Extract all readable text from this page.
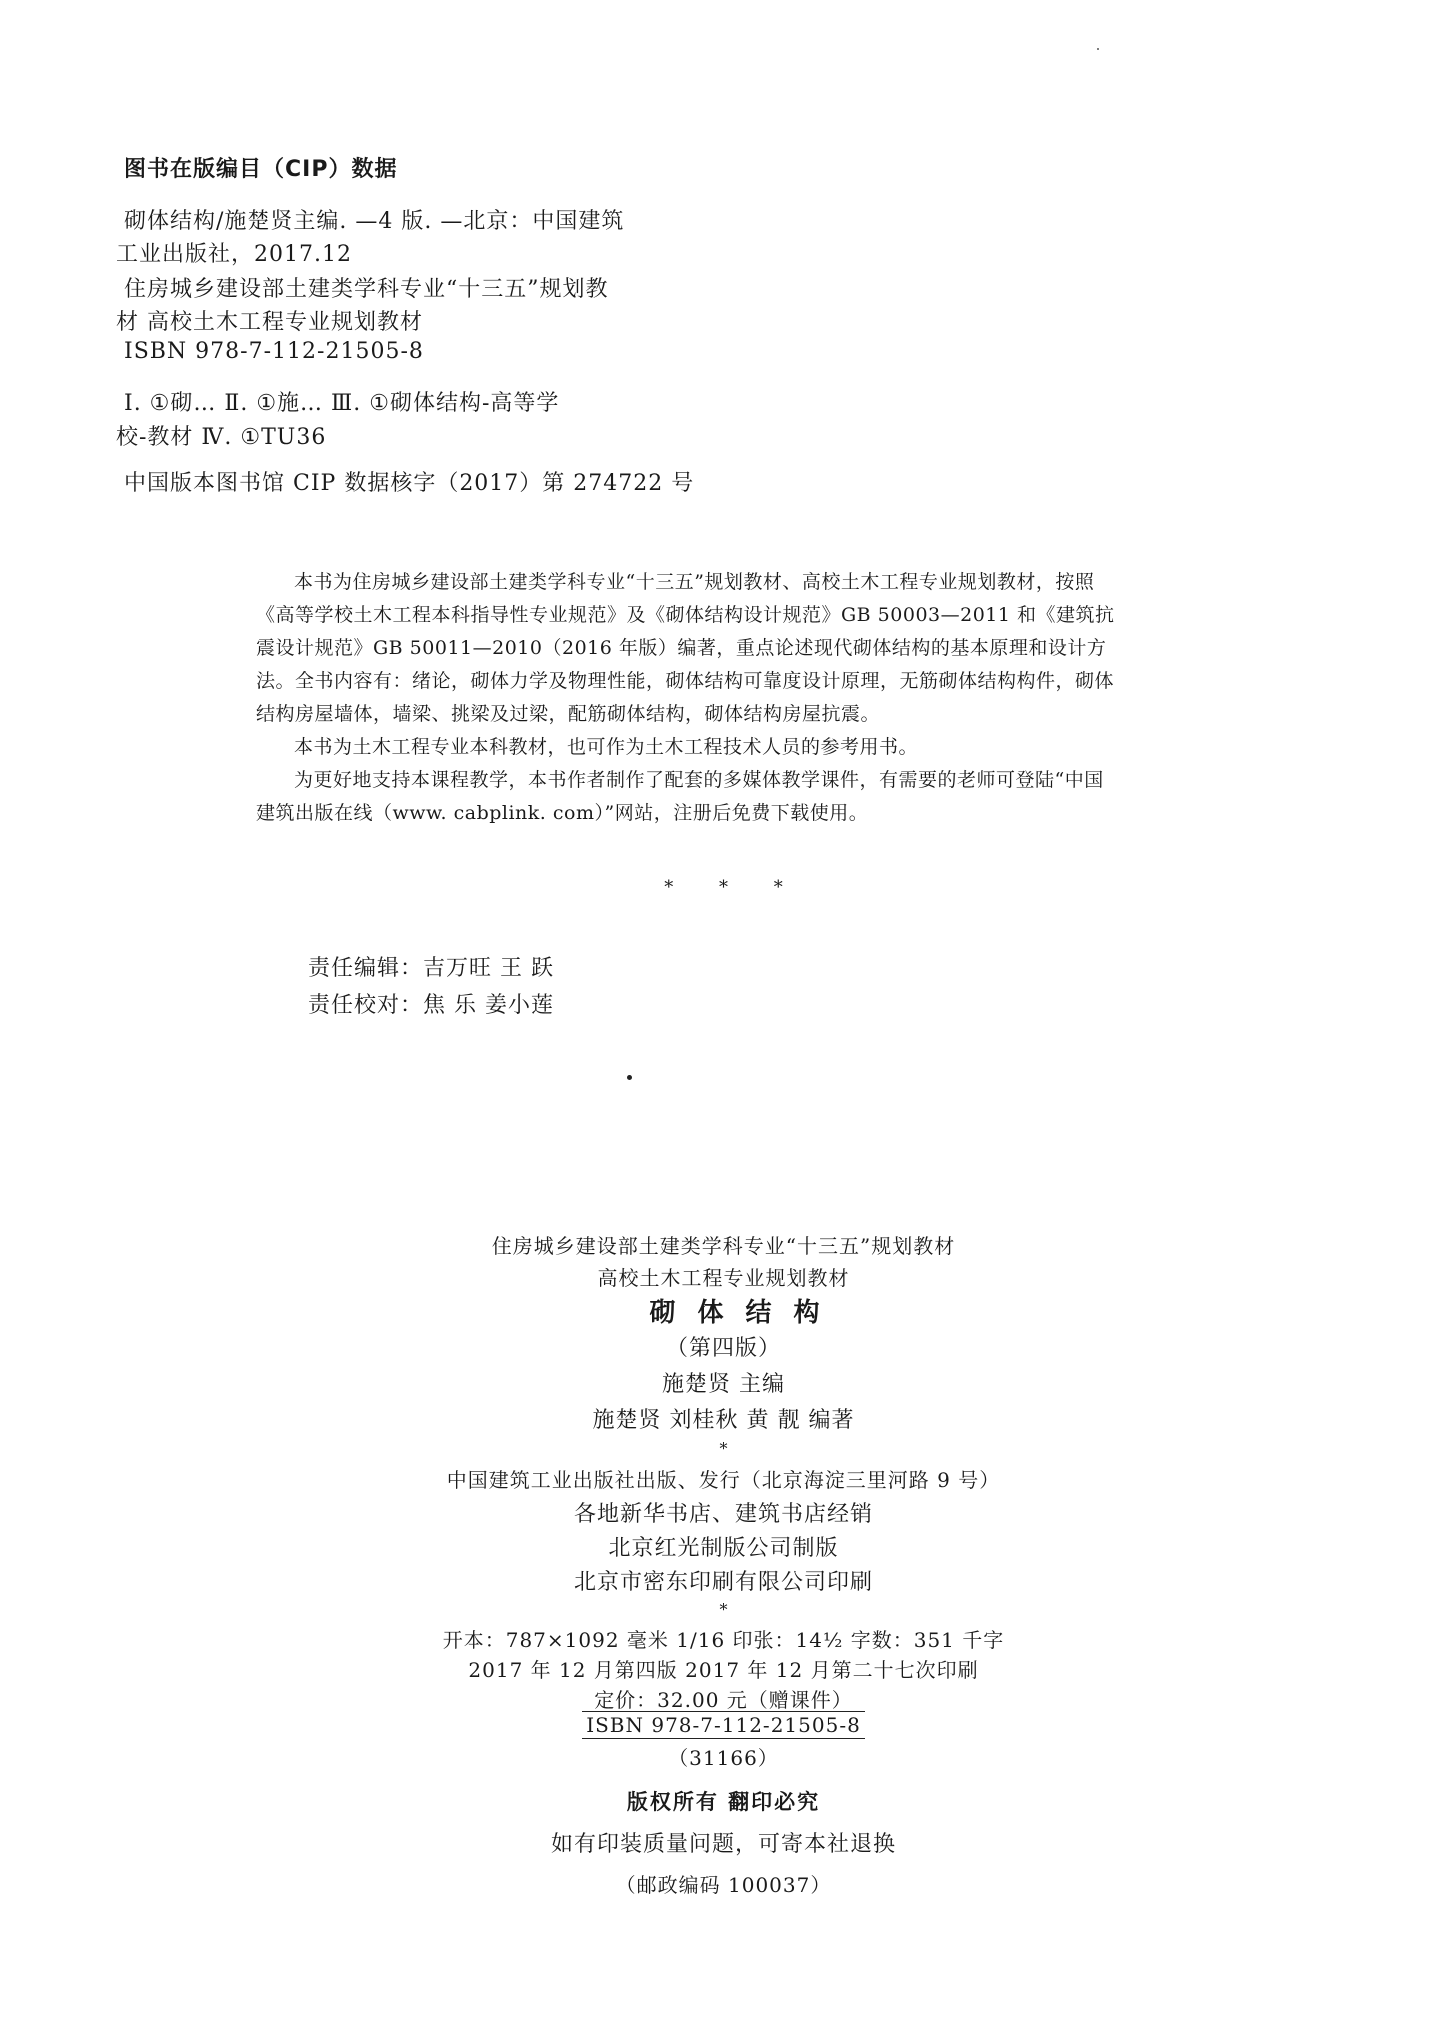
图书在版编目（CIP）数据
砌体结构/施楚贤主编. —4 版. —北京：中国建筑
工业出版社，2017.12
住房城乡建设部土建类学科专业“十三五”规划教
材 高校土木工程专业规划教材
ISBN 978-7-112-21505-8
Ⅰ. ①砌… Ⅱ. ①施… Ⅲ. ①砌体结构-高等学
校-教材 Ⅳ. ①TU36
中国版本图书馆 CIP 数据核字（2017）第 274722 号

本书为住房城乡建设部土建类学科专业“十三五”规划教材、高校土木工程专业规划教材，按照《高等学校土木工程本科指导性专业规范》及《砌体结构设计规范》GB 50003—2011 和《建筑抗震设计规范》GB 50011—2010（2016 年版）编著，重点论述现代砌体结构的基本原理和设计方法。全书内容有：绪论，砌体力学及物理性能，砌体结构可靠度设计原理，无筋砌体结构构件，砌体结构房屋墙体，墙梁、挑梁及过梁，配筋砌体结构，砌体结构房屋抗震。

本书为土木工程专业本科教材，也可作为土木工程技术人员的参考用书。

为更好地支持本课程教学，本书作者制作了配套的多媒体教学课件，有需要的老师可登陆“中国建筑出版在线（www. cabplink. com）”网站，注册后免费下载使用。

* * *
责任编辑：吉万旺 王 跃
责任校对：焦 乐 姜小莲
住房城乡建设部土建类学科专业“十三五”规划教材
高校土木工程专业规划教材
砌体结构
（第四版）
施楚贤 主编
施楚贤 刘桂秋 黄 靓 编著
*
中国建筑工业出版社出版、发行（北京海淀三里河路 9 号）
各地新华书店、建筑书店经销
北京红光制版公司制版
北京市密东印刷有限公司印刷
*
开本：787×1092 毫米 1/16 印张：14½ 字数：351 千字
2017 年 12 月第四版 2017 年 12 月第二十七次印刷
定价：32.00 元（赠课件）
ISBN 978-7-112-21505-8
（31166）
版权所有 翻印必究
如有印装质量问题，可寄本社退换
（邮政编码 100037）
